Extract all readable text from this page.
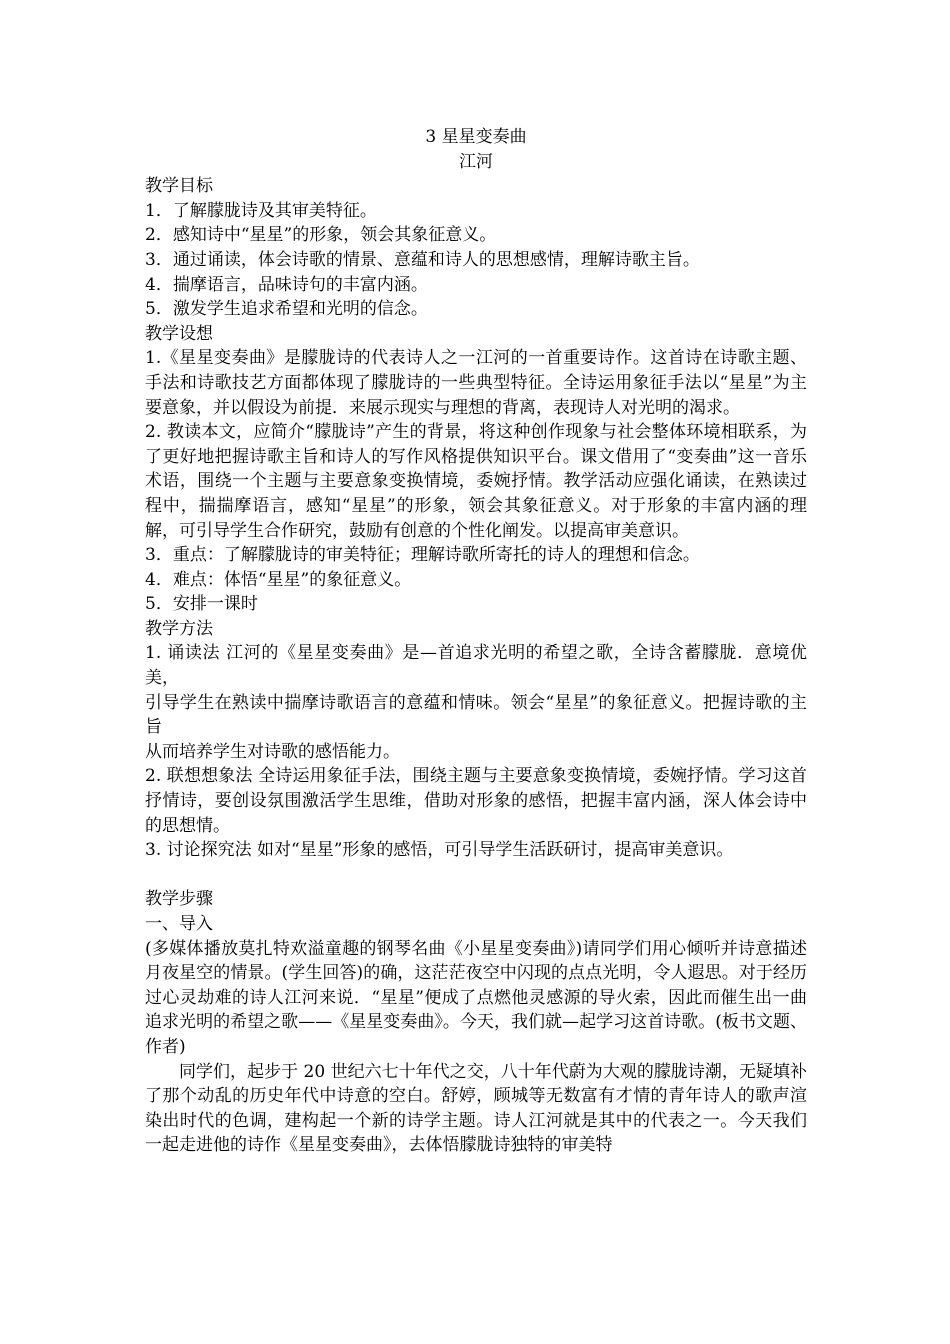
3 星星变奏曲

江河

教学目标

1．了解朦胧诗及其审美特征。

2．感知诗中“星星”的形象，领会其象征意义。

3．通过诵读，体会诗歌的情景、意蕴和诗人的思想感情，理解诗歌主旨。

4．揣摩语言，品味诗句的丰富内涵。

5．激发学生追求希望和光明的信念。

教学设想

1.《星星变奏曲》是朦胧诗的代表诗人之一江河的一首重要诗作。这首诗在诗歌主题、手法和诗歌技艺方面都体现了朦胧诗的一些典型特征。全诗运用象征手法以“星星”为主要意象，并以假设为前提．来展示现实与理想的背离，表现诗人对光明的渴求。

2. 教读本文，应简介“朦胧诗”产生的背景，将这种创作现象与社会整体环境相联系，为了更好地把握诗歌主旨和诗人的写作风格提供知识平台。课文借用了“变奏曲”这一音乐术语，围绕一个主题与主要意象变换情境，委婉抒情。教学活动应强化诵读，在熟读过程中，揣揣摩语言，感知“星星”的形象，领会其象征意义。对于形象的丰富内涵的理解，可引导学生合作研究，鼓励有创意的个性化阐发。以提高审美意识。

3．重点：了解朦胧诗的审美特征；理解诗歌所寄托的诗人的理想和信念。

4．难点：体悟“星星”的象征意义。

5．安排一课时

教学方法

1. 诵读法 江河的《星星变奏曲》是—首追求光明的希望之歌，全诗含蓄朦胧．意境优美，

引导学生在熟读中揣摩诗歌语言的意蕴和情味。领会“星星”的象征意义。把握诗歌的主旨

从而培养学生对诗歌的感悟能力。

2. 联想想象法 全诗运用象征手法，围绕主题与主要意象变换情境，委婉抒情。学习这首抒情诗，要创设氛围激活学生思维，借助对形象的感悟，把握丰富内涵，深人体会诗中的思想情。

3. 讨论探究法 如对“星星”形象的感悟，可引导学生活跃研讨，提高审美意识。

教学步骤

一、导入

(多媒体播放莫扎特欢溢童趣的钢琴名曲《小星星变奏曲》)请同学们用心倾听并诗意描述月夜星空的情景。(学生回答)的确，这茫茫夜空中闪现的点点光明，令人遐思。对于经历过心灵劫难的诗人江河来说．“星星”便成了点燃他灵感源的导火索，因此而催生出一曲追求光明的希望之歌——《星星变奏曲》。今天，我们就—起学习这首诗歌。(板书文题、作者)

同学们，起步于 20 世纪六七十年代之交，八十年代蔚为大观的朦胧诗潮，无疑填补了那个动乱的历史年代中诗意的空白。舒婷，顾城等无数富有才情的青年诗人的歌声渲染出时代的色调，建构起一个新的诗学主题。诗人江河就是其中的代表之一。今天我们一起走进他的诗作《星星变奏曲》，去体悟朦胧诗独特的审美特
